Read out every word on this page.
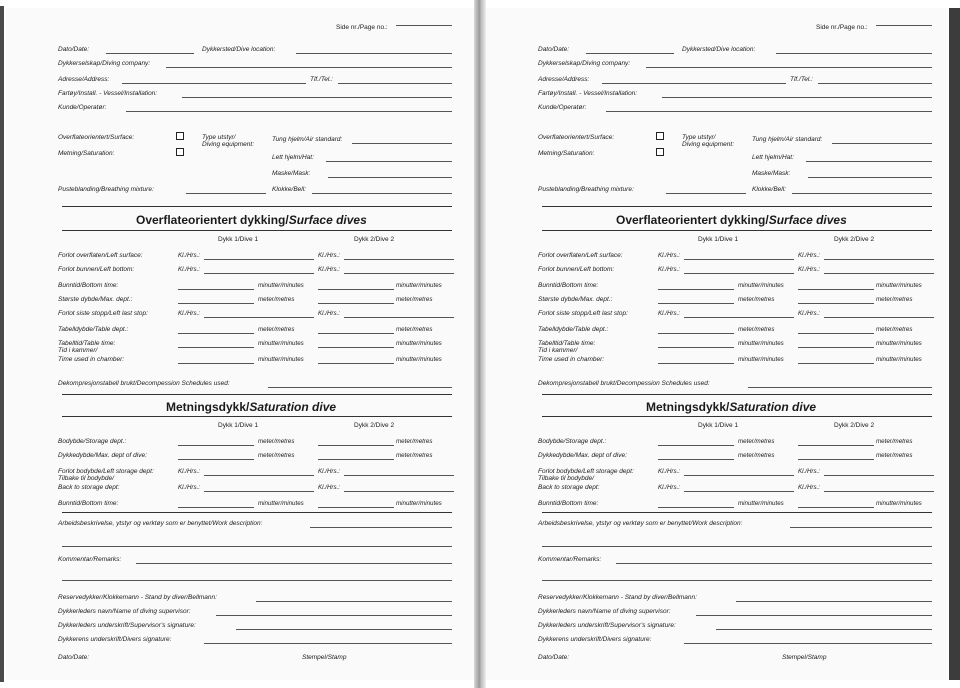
Side nr./Page no.:
Dato/Date:	Dykkersted/Dive location:
Dykkerselskap/Diving company:
Adresse/Address:	Tlf./Tel.:
Fartøy/Install. - Vessel/Installation:
Kunde/Operatør:
Overflateorientert/Surface:
Metning/Saturation:
Type utstyr/
Diving equipment:
Tung hjelm/Air standard:
Lett hjelm/Hat:
Maske/Mask:
Pusteblanding/Breathing mixture:	Klokke/Bell:
Overflateorientert dykking/Surface dives
Dykk 1/Dive 1	Dykk 2/Dive 2
Forlot overflaten/Left surface:	Kl./Hrs.:	Kl./Hrs.:
Forlot bunnen/Left bottom:	Kl./Hrs.:	Kl./Hrs.:
Bunntid/Bottom time:	minutter/minutes	minutter/minutes
Største dybde/Max. dept.:	meter/metres	meter/metres
Forlot siste stopp/Left last stop:	Kl./Hrs.:	Kl./Hrs.:
Tabelldybde/Table dept.:	meter/metres	meter/metres
Tabelltid/Table time:	minutter/minutes	minutter/minutes
Tid i kammer/
Time used in chamber:	minutter/minutes	minutter/minutes
Dekompresjonstabell brukt/Decompession Schedules used:
Metningsdykk/Saturation dive
Dykk 1/Dive 1	Dykk 2/Dive 2
Bodybde/Storage dept.:	meter/metres	meter/metres
Dykkedybde/Max. dept of dive:	meter/metres	meter/metres
Forlot bodybde/Left storage dept:	Kl./Hrs.:	Kl./Hrs.:
Tilbake til bodybde/
Back to storage dept:	Kl./Hrs.:	Kl./Hrs.:
Bunntid/Bottom time:	minutter/minutes	minutter/minutes
Arbeidsbeskrivelse, ytstyr og verktøy som er benyttet/Work description:
Kommentar/Remarks:
Reservedykker/Klokkemann - Stand by diver/Bellmann:
Dykkerleders navn/Name of diving supervisor:
Dykkerleders underskrift/Supervisor's signature:
Dykkerens underskrift/Divers signature:
Dato/Date:	Stempel/Stamp
Side nr./Page no.:
Dato/Date:	Dykkersted/Dive location:
Dykkerselskap/Diving company:
Adresse/Address:	Tlf./Tel.:
Fartøy/Install. - Vessel/Installation:
Kunde/Operatør:
Overflateorientert/Surface:
Metning/Saturation:
Type utstyr/
Diving equipment:
Tung hjelm/Air standard:
Lett hjelm/Hat:
Maske/Mask:
Pusteblanding/Breathing mixture:	Klokke/Bell:
Overflateorientert dykking/Surface dives
Dykk 1/Dive 1	Dykk 2/Dive 2
Forlot overflaten/Left surface:	Kl./Hrs.:	Kl./Hrs.:
Forlot bunnen/Left bottom:	Kl./Hrs.:	Kl./Hrs.:
Bunntid/Bottom time:	minutter/minutes	minutter/minutes
Største dybde/Max. dept.:	meter/metres	meter/metres
Forlot siste stopp/Left last stop:	Kl./Hrs.:	Kl./Hrs.:
Tabelldybde/Table dept.:	meter/metres	meter/metres
Tabelltid/Table time:	minutter/minutes	minutter/minutes
Tid i kammer/
Time used in chamber:	minutter/minutes	minutter/minutes
Dekompresjonstabell brukt/Decompession Schedules used:
Metningsdykk/Saturation dive
Dykk 1/Dive 1	Dykk 2/Dive 2
Bodybde/Storage dept.:	meter/metres	meter/metres
Dykkedybde/Max. dept of dive:	meter/metres	meter/metres
Forlot bodybde/Left storage dept:	Kl./Hrs.:	Kl./Hrs.:
Tilbake til bodybde/
Back to storage dept:	Kl./Hrs.:	Kl./Hrs.:
Bunntid/Bottom time:	minutter/minutes	minutter/minutes
Arbeidsbeskrivelse, ytstyr og verktøy som er benyttet/Work description:
Kommentar/Remarks:
Reservedykker/Klokkemann - Stand by diver/Bellmann:
Dykkerleders navn/Name of diving supervisor:
Dykkerleders underskrift/Supervisor's signature:
Dykkerens underskrift/Divers signature:
Dato/Date:	Stempel/Stamp
